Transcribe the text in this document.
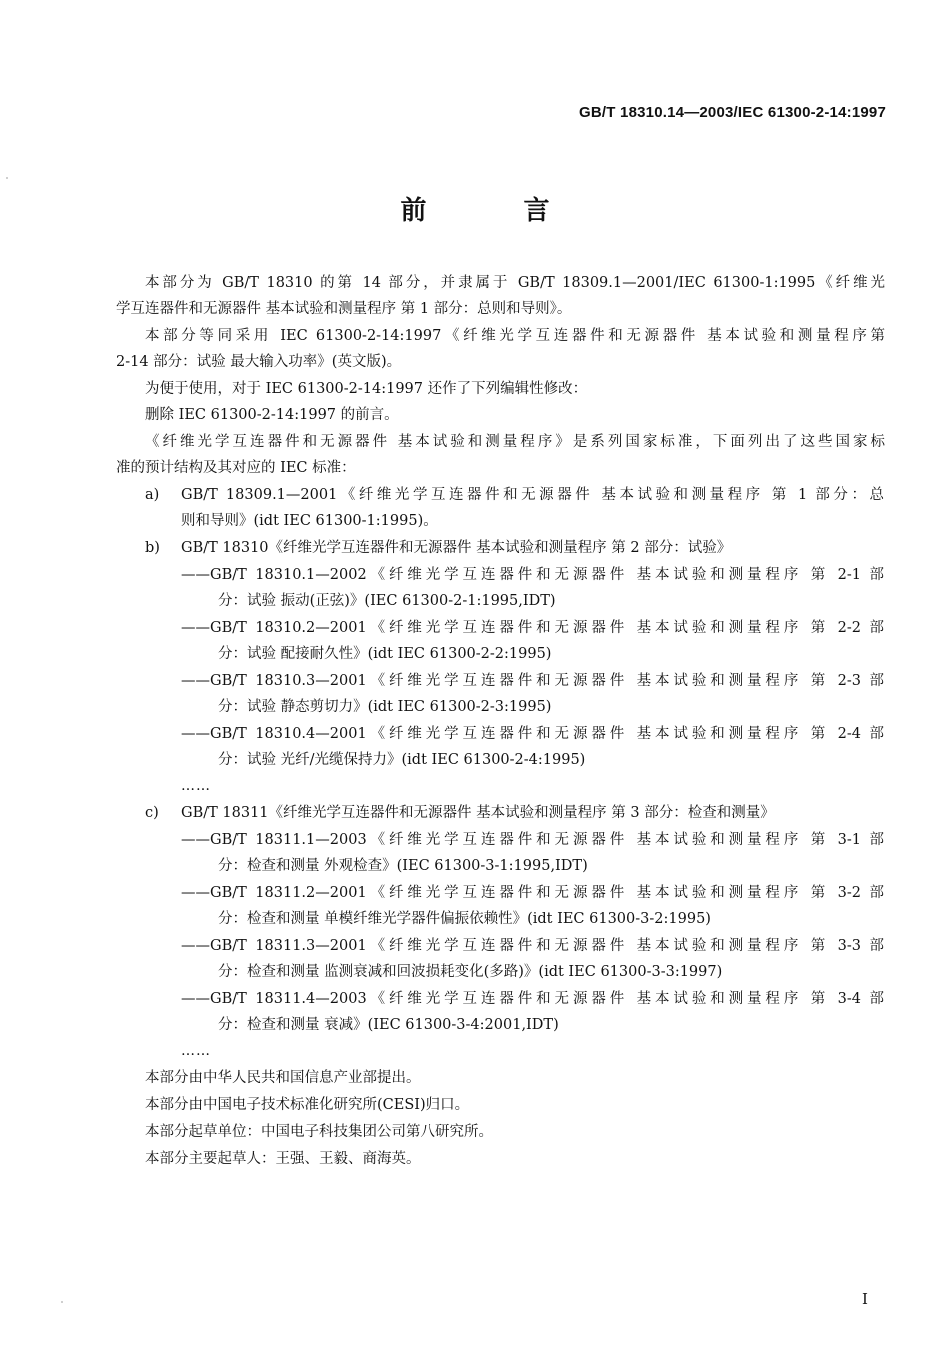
GB/T 18310.14—2003/IEC 61300-2-14:1997
前 言
本部分为 GB/T 18310 的第 14 部分，并隶属于 GB/T 18309.1—2001/IEC 61300-1:1995《纤维光
学互连器件和无源器件 基本试验和测量程序 第 1 部分：总则和导则》。
本部分等同采用 IEC 61300-2-14:1997《纤维光学互连器件和无源器件 基本试验和测量程序第
2-14 部分：试验 最大输入功率》(英文版)。
为便于使用，对于 IEC 61300-2-14:1997 还作了下列编辑性修改：
删除 IEC 61300-2-14:1997 的前言。
《纤维光学互连器件和无源器件 基本试验和测量程序》是系列国家标准，下面列出了这些国家标
准的预计结构及其对应的 IEC 标准：
a) GB/T 18309.1—2001《纤维光学互连器件和无源器件 基本试验和测量程序 第 1 部分：总
则和导则》(idt IEC 61300-1:1995)。
b) GB/T 18310《纤维光学互连器件和无源器件 基本试验和测量程序 第 2 部分：试验》
——GB/T 18310.1—2002《纤维光学互连器件和无源器件 基本试验和测量程序 第 2-1 部
分：试验 振动(正弦)》(IEC 61300-2-1:1995,IDT)
——GB/T 18310.2—2001《纤维光学互连器件和无源器件 基本试验和测量程序 第 2-2 部
分：试验 配接耐久性》(idt IEC 61300-2-2:1995)
——GB/T 18310.3—2001《纤维光学互连器件和无源器件 基本试验和测量程序 第 2-3 部
分：试验 静态剪切力》(idt IEC 61300-2-3:1995)
——GB/T 18310.4—2001《纤维光学互连器件和无源器件 基本试验和测量程序 第 2-4 部
分：试验 光纤/光缆保持力》(idt IEC 61300-2-4:1995)
……
c) GB/T 18311《纤维光学互连器件和无源器件 基本试验和测量程序 第 3 部分：检查和测量》
——GB/T 18311.1—2003《纤维光学互连器件和无源器件 基本试验和测量程序 第 3-1 部
分：检查和测量 外观检查》(IEC 61300-3-1:1995,IDT)
——GB/T 18311.2—2001《纤维光学互连器件和无源器件 基本试验和测量程序 第 3-2 部
分：检查和测量 单模纤维光学器件偏振依赖性》(idt IEC 61300-3-2:1995)
——GB/T 18311.3—2001《纤维光学互连器件和无源器件 基本试验和测量程序 第 3-3 部
分：检查和测量 监测衰减和回波损耗变化(多路)》(idt IEC 61300-3-3:1997)
——GB/T 18311.4—2003《纤维光学互连器件和无源器件 基本试验和测量程序 第 3-4 部
分：检查和测量 衰减》(IEC 61300-3-4:2001,IDT)
……
本部分由中华人民共和国信息产业部提出。
本部分由中国电子技术标准化研究所(CESI)归口。
本部分起草单位：中国电子科技集团公司第八研究所。
本部分主要起草人：王强、王毅、商海英。
I
